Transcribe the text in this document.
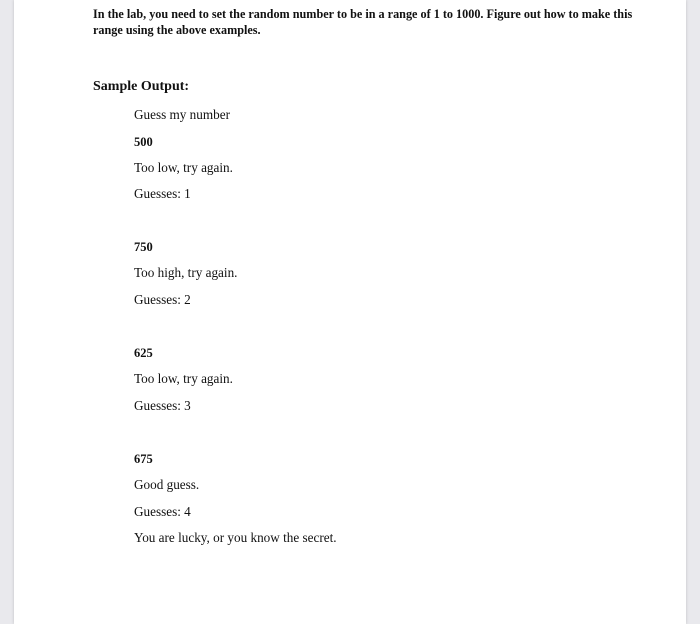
In the lab, you need to set the random number to be in a range of 1 to 1000. Figure out how to make this range using the above examples.

Sample Output:

Guess my number

500

Too low, try again.

Guesses: 1

750

Too high, try again.

Guesses: 2

625

Too low, try again.

Guesses: 3

675

Good guess.

Guesses: 4

You are lucky, or you know the secret.
